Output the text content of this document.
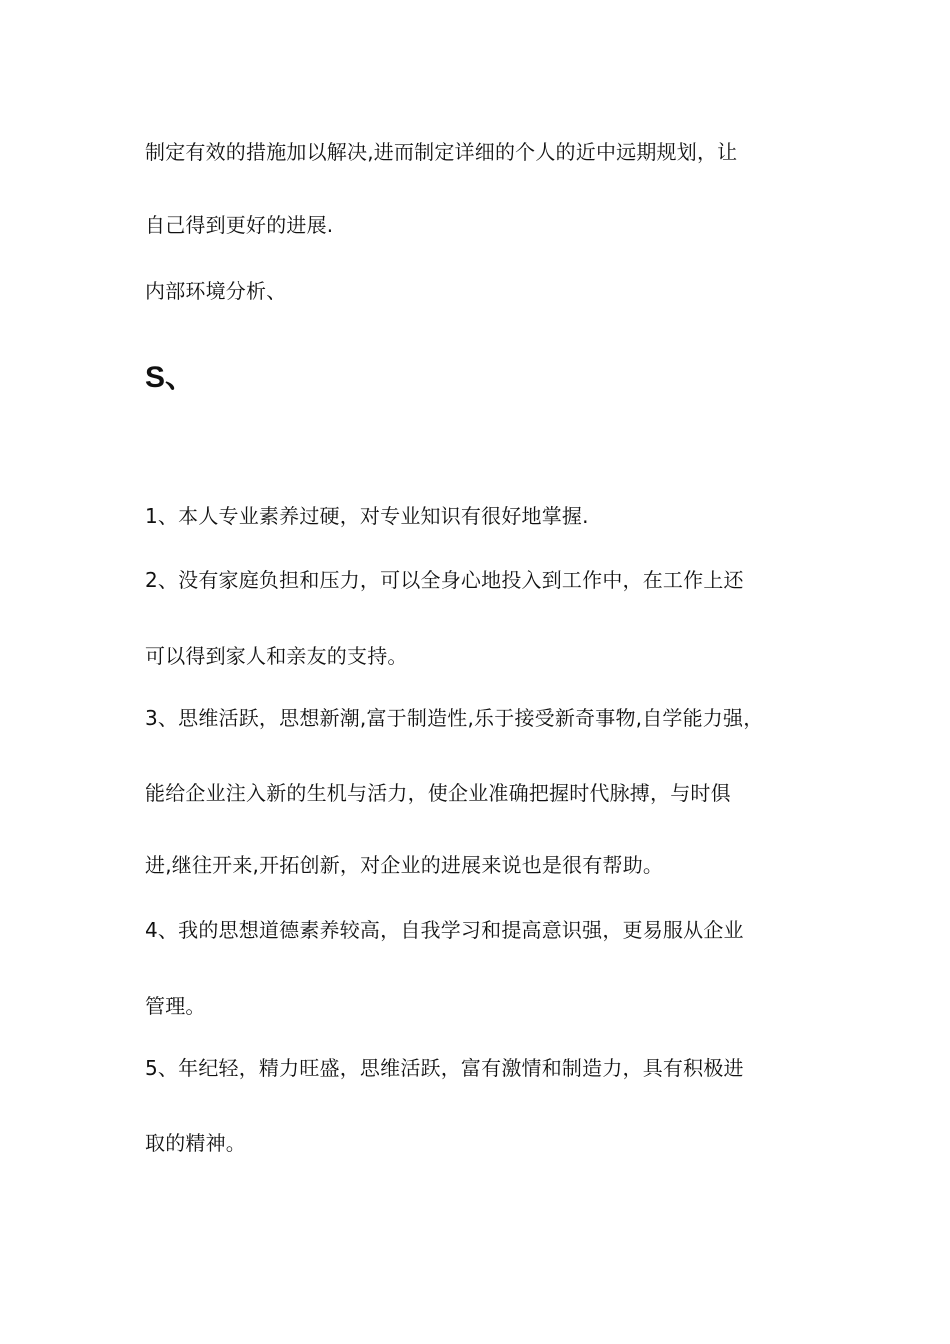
制定有效的措施加以解决,进而制定详细的个人的近中远期规划，让
自己得到更好的进展.
内部环境分析、
S、
1、本人专业素养过硬，对专业知识有很好地掌握.
2、没有家庭负担和压力，可以全身心地投入到工作中，在工作上还
可以得到家人和亲友的支持。
3、思维活跃，思想新潮,富于制造性,乐于接受新奇事物,自学能力强，
能给企业注入新的生机与活力，使企业准确把握时代脉搏，与时俱
进,继往开来,开拓创新，对企业的进展来说也是很有帮助。
4、我的思想道德素养较高，自我学习和提高意识强，更易服从企业
管理。
5、年纪轻，精力旺盛，思维活跃，富有激情和制造力，具有积极进
取的精神。
